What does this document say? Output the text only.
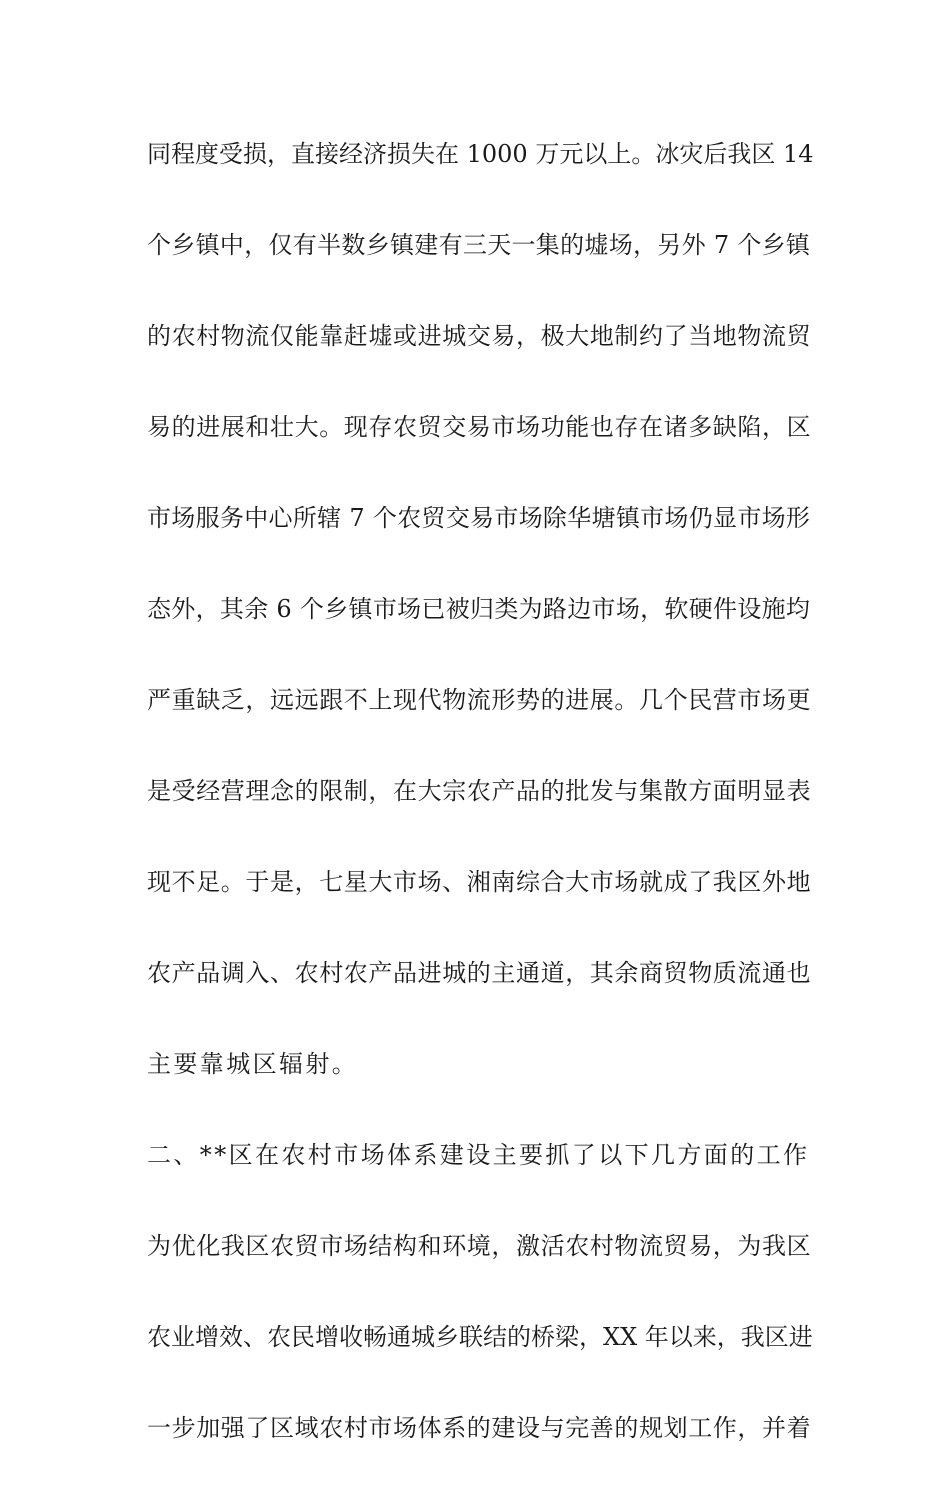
同程度受损，直接经济损失在 1000 万元以上。冰灾后我区 14
个乡镇中，仅有半数乡镇建有三天一集的墟场，另外 7 个乡镇
的农村物流仅能靠赶墟或进城交易，极大地制约了当地物流贸
易的进展和壮大。现存农贸交易市场功能也存在诸多缺陷，区
市场服务中心所辖 7 个农贸交易市场除华塘镇市场仍显市场形
态外，其余 6 个乡镇市场已被归类为路边市场，软硬件设施均
严重缺乏，远远跟不上现代物流形势的进展。几个民营市场更
是受经营理念的限制，在大宗农产品的批发与集散方面明显表
现不足。于是，七星大市场、湘南综合大市场就成了我区外地
农产品调入、农村农产品进城的主通道，其余商贸物质流通也
主要靠城区辐射。
二、**区在农村市场体系建设主要抓了以下几方面的工作
为优化我区农贸市场结构和环境，激活农村物流贸易，为我区
农业增效、农民增收畅通城乡联结的桥梁，XX 年以来，我区进
一步加强了区域农村市场体系的建设与完善的规划工作，并着
